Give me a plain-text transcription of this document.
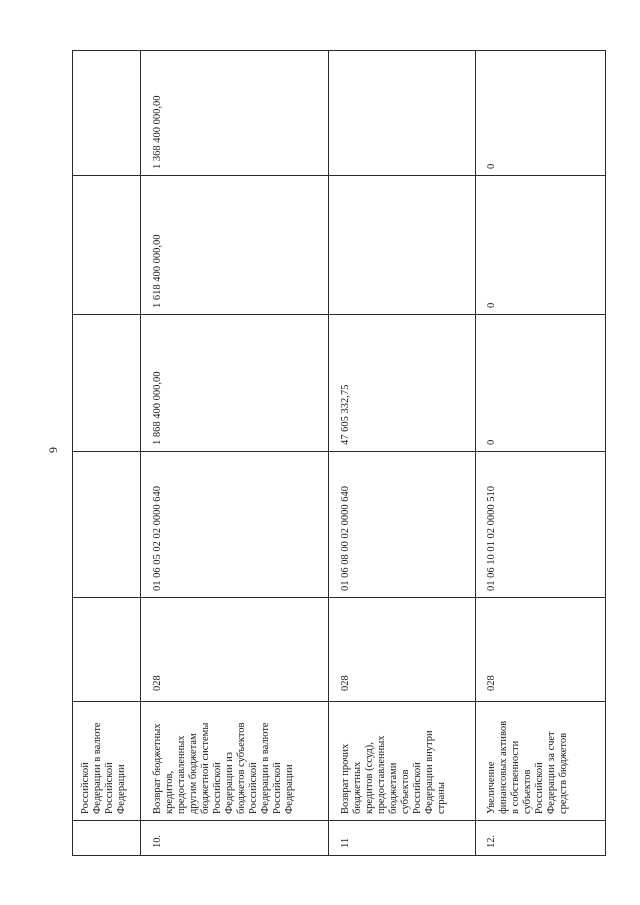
9
Российской Федерации в валюте Российской Федерации
10.
Возврат бюджетных кредитов, предоставленных другим бюджетам бюджетной системы Российской Федерации из бюджетов субъектов Российской Федерации в валюте Российской Федерации
028
01 06 05 02 02 0000 640
1 868 400 000,00
1 618 400 000,00
1 368 400 000,00
11
Возврат прочих бюджетных кредитов (ссуд), предоставленных бюджетами субъектов Российской Федерации внутри страны
028
01 06 08 00 02 0000 640
47 605 332,75
12.
Увеличение финансовых активов в собственности субъектов Российской Федерации за счет средств бюджетов
028
01 06 10 01 02 0000 510
0
0
0
